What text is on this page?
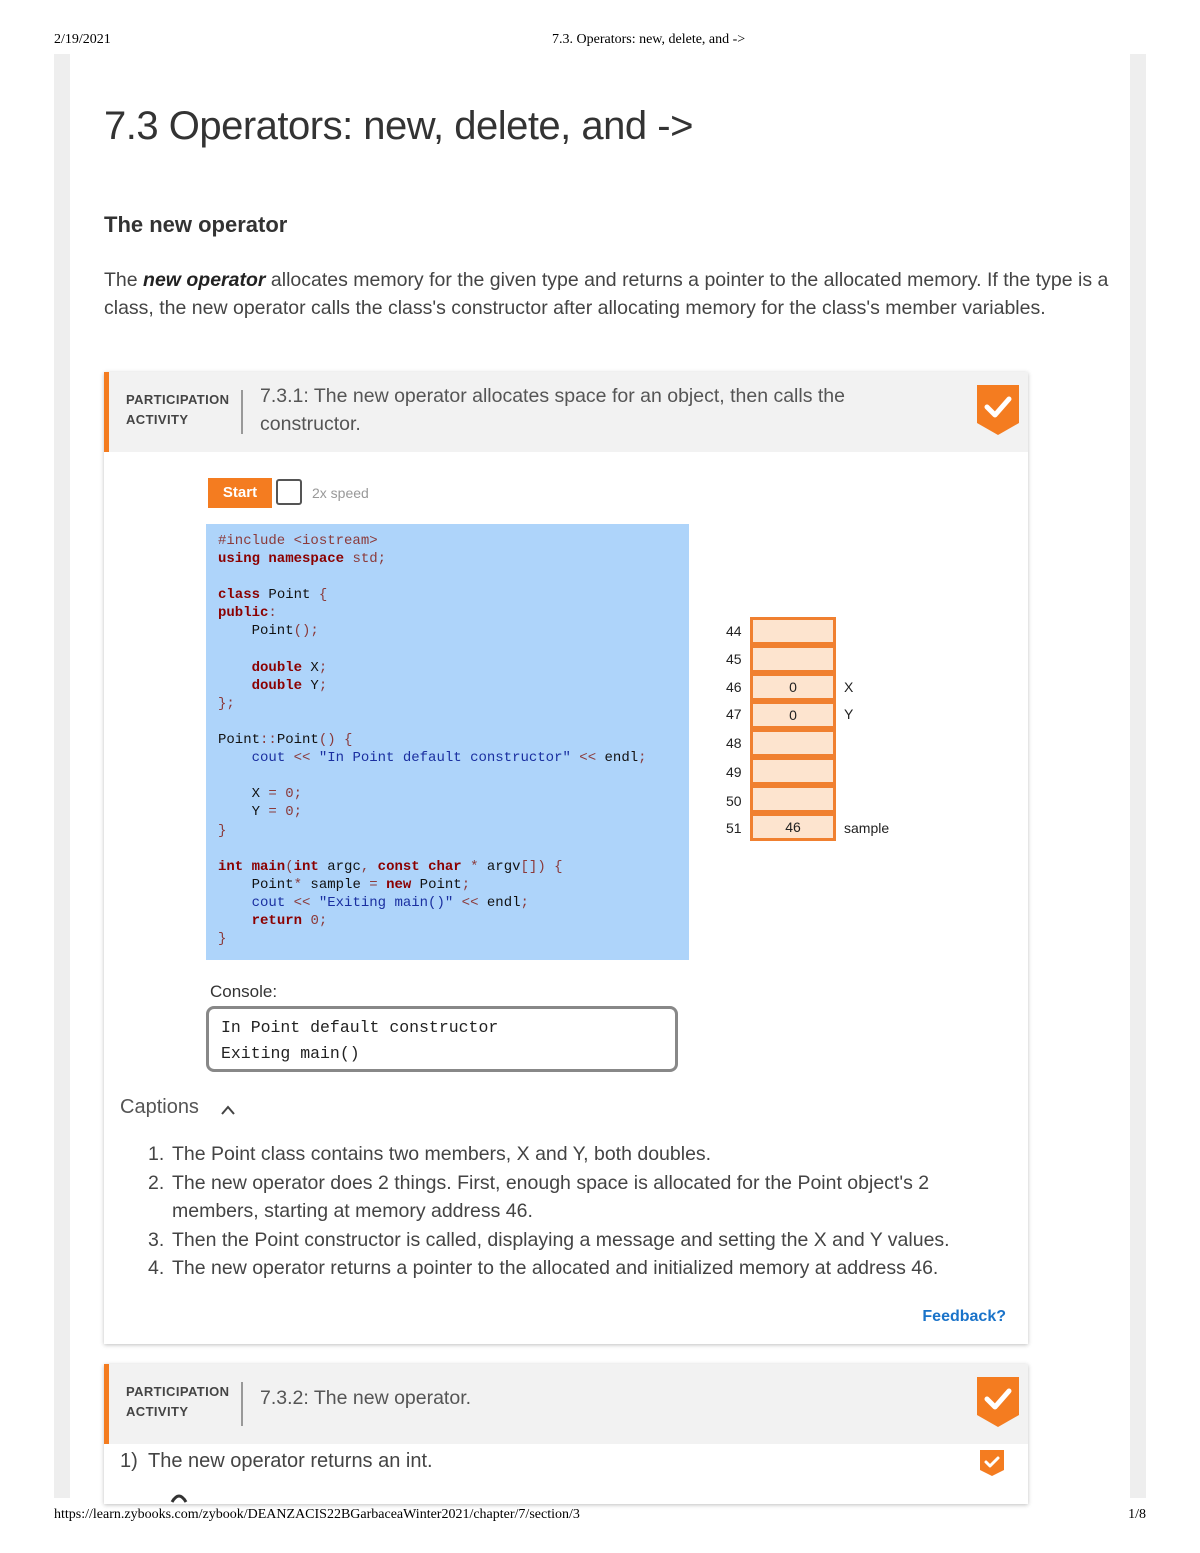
2/19/2021	7.3. Operators: new, delete, and ->
https://learn.zybooks.com/zybook/DEANZACIS22BGarbaceaWinter2021/chapter/7/section/3	1/8
7.3 Operators: new, delete, and ->
The new operator

The new operator allocates memory for the given type and returns a pointer to the allocated memory. If the type is a class, the new operator calls the class's constructor after allocating memory for the class's member variables.

PARTICIPATION
ACTIVITY
7.3.1: The new operator allocates space for an object, then calls the constructor.
Start	2x speed
#include <iostream>
using namespace std;

class Point {
public:
Point();

double X;
double Y;
};

Point::Point() {
cout << "In Point default constructor" << endl;

X = 0;
Y = 0;
}

int main(int argc, const char * argv[]) {
Point* sample = new Point;
cout << "Exiting main()" << endl;
return 0;
}
44
45
46	0	X
47	0	Y
48
49
50
51	46	sample
Console:
In Point default constructor
Exiting main()
Captions
1. The Point class contains two members, X and Y, both doubles.
2. The new operator does 2 things. First, enough space is allocated for the Point object's 2 members, starting at memory address 46.
3. Then the Point constructor is called, displaying a message and setting the X and Y values.
4. The new operator returns a pointer to the allocated and initialized memory at address 46.
Feedback?
PARTICIPATION
ACTIVITY
7.3.2: The new operator.
1) The new operator returns an int.
